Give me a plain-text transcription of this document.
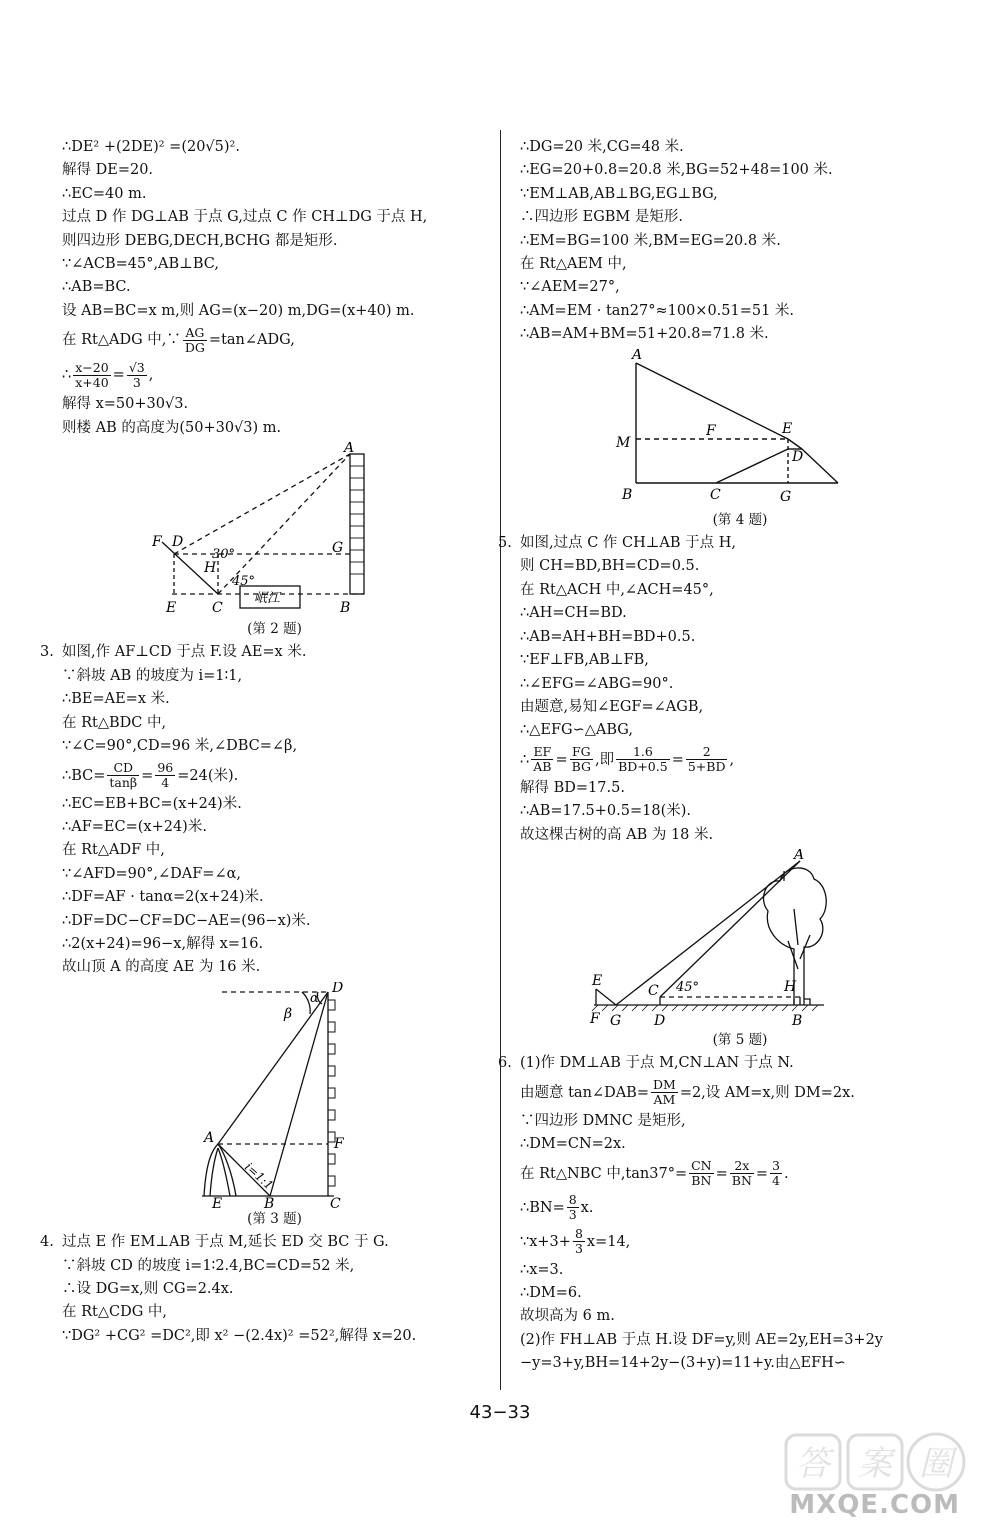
∴DE² +(2DE)² =(20√5)².
解得 DE=20.
∴EC=40 m.
过点 D 作 DG⊥AB 于点 G,过点 C 作 CH⊥DG 于点 H,
则四边形 DEBG,DECH,BCHG 都是矩形.
∵∠ACB=45°,AB⊥BC,
∴AB=BC.
设 AB=BC=x m,则 AG=(x−20) m,DG=(x+40) m.
在 Rt△ADG 中,∵ $\frac{AG}{DG}$ =tan∠ADG,
∴ $\frac{x-20}{x+40} = \frac{√3}{3}$ ,
解得 x=50+30√3.
则楼 AB 的高度为(50+30√3) m.
A
F D
30°	G
H
45°
E	C
岷江
B
(第 2 题)
3. 如图,作 AF⊥CD 于点 F.设 AE=x 米.
∵斜坡 AB 的坡度为 i=1∶1,
∴BE=AE=x 米.
在 Rt△BDC 中,
∵∠C=90°,CD=96 米,∠DBC=∠β,
∴BC= $\frac{CD}{\tan\beta} = \frac{96}{4} =24$(米).
∴EC=EB+BC=(x+24)米.
∴AF=EC=(x+24)米.
在 Rt△ADF 中,
∵∠AFD=90°,∠DAF=∠α,
∴DF=AF · tanα=2(x+24)米.
∴DF=DC−CF=DC−AE=(96−x)米.
∴2(x+24)=96−x,解得 x=16.
故山顶 A 的高度 AE 为 16 米.
D
β
α
A	F
i=1:1
E	B	C
(第 3 题)
4. 过点 E 作 EM⊥AB 于点 M,延长 ED 交 BC 于 G.
∵斜坡 CD 的坡度 i=1∶2.4,BC=CD=52 米,
∴设 DG=x,则 CG=2.4x.
在 Rt△CDG 中,
∵DG² +CG² =DC²,即 x² −(2.4x)² =52²,解得 x=20.
∴DG=20 米,CG=48 米.
∴EG=20+0.8=20.8 米,BG=52+48=100 米.
∵EM⊥AB,AB⊥BG,EG⊥BG,
∴四边形 EGBM 是矩形.
∴EM=BG=100 米,BM=EG=20.8 米.
在 Rt△AEM 中,
∵∠AEM=27°,
∴AM=EM · tan27°≈100×0.51=51 米.
∴AB=AM+BM=51+20.8=71.8 米.
A
M
F	E
D
B	C	G
(第 4 题)
5. 如图,过点 C 作 CH⊥AB 于点 H,
则 CH=BD,BH=CD=0.5.
在 Rt△ACH 中,∠ACH=45°,
∴AH=CH=BD.
∴AB=AH+BH=BD+0.5.
∵EF⊥FB,AB⊥FB,
∴∠EFG=∠ABG=90°.
由题意,易知∠EGF=∠AGB,
∴△EFG∽△ABG,
∴ $\frac{EF}{AB} = \frac{FG}{BG}$ ,即 $\frac{1.6}{BD+0.5} = \frac{2}{5+BD}$ ,
解得 BD=17.5.
∴AB=17.5+0.5=18(米).
故这棵古树的高 AB 为 18 米.
A
E
C 45°	H
F G D	B
(第 5 题)
6. (1)作 DM⊥AB 于点 M,CN⊥AN 于点 N.
由题意 tan∠DAB= $\frac{DM}{AM} =2$,设 AM=x,则 DM=2x.
∵四边形 DMNC 是矩形,
∴DM=CN=2x.
在 Rt△NBC 中$,\tan 37^\circ= \frac{CN}{BN} = \frac{2x}{BN} = \frac{3}{4}$ .
∴BN= $\frac{8}{3} x$.
∵x+3+ $\frac{8}{3} x=14$,
∴x=3.
∴DM=6.
故坝高为 6 m.
(2)作 FH⊥AB 于点 H.设 DF=y,则 AE=2y,EH=3+2y
−y=3+y,BH=14+2y−(3+y)=11+y.由△EFH∽
43−33
答 案 圈
MXQE.COM
